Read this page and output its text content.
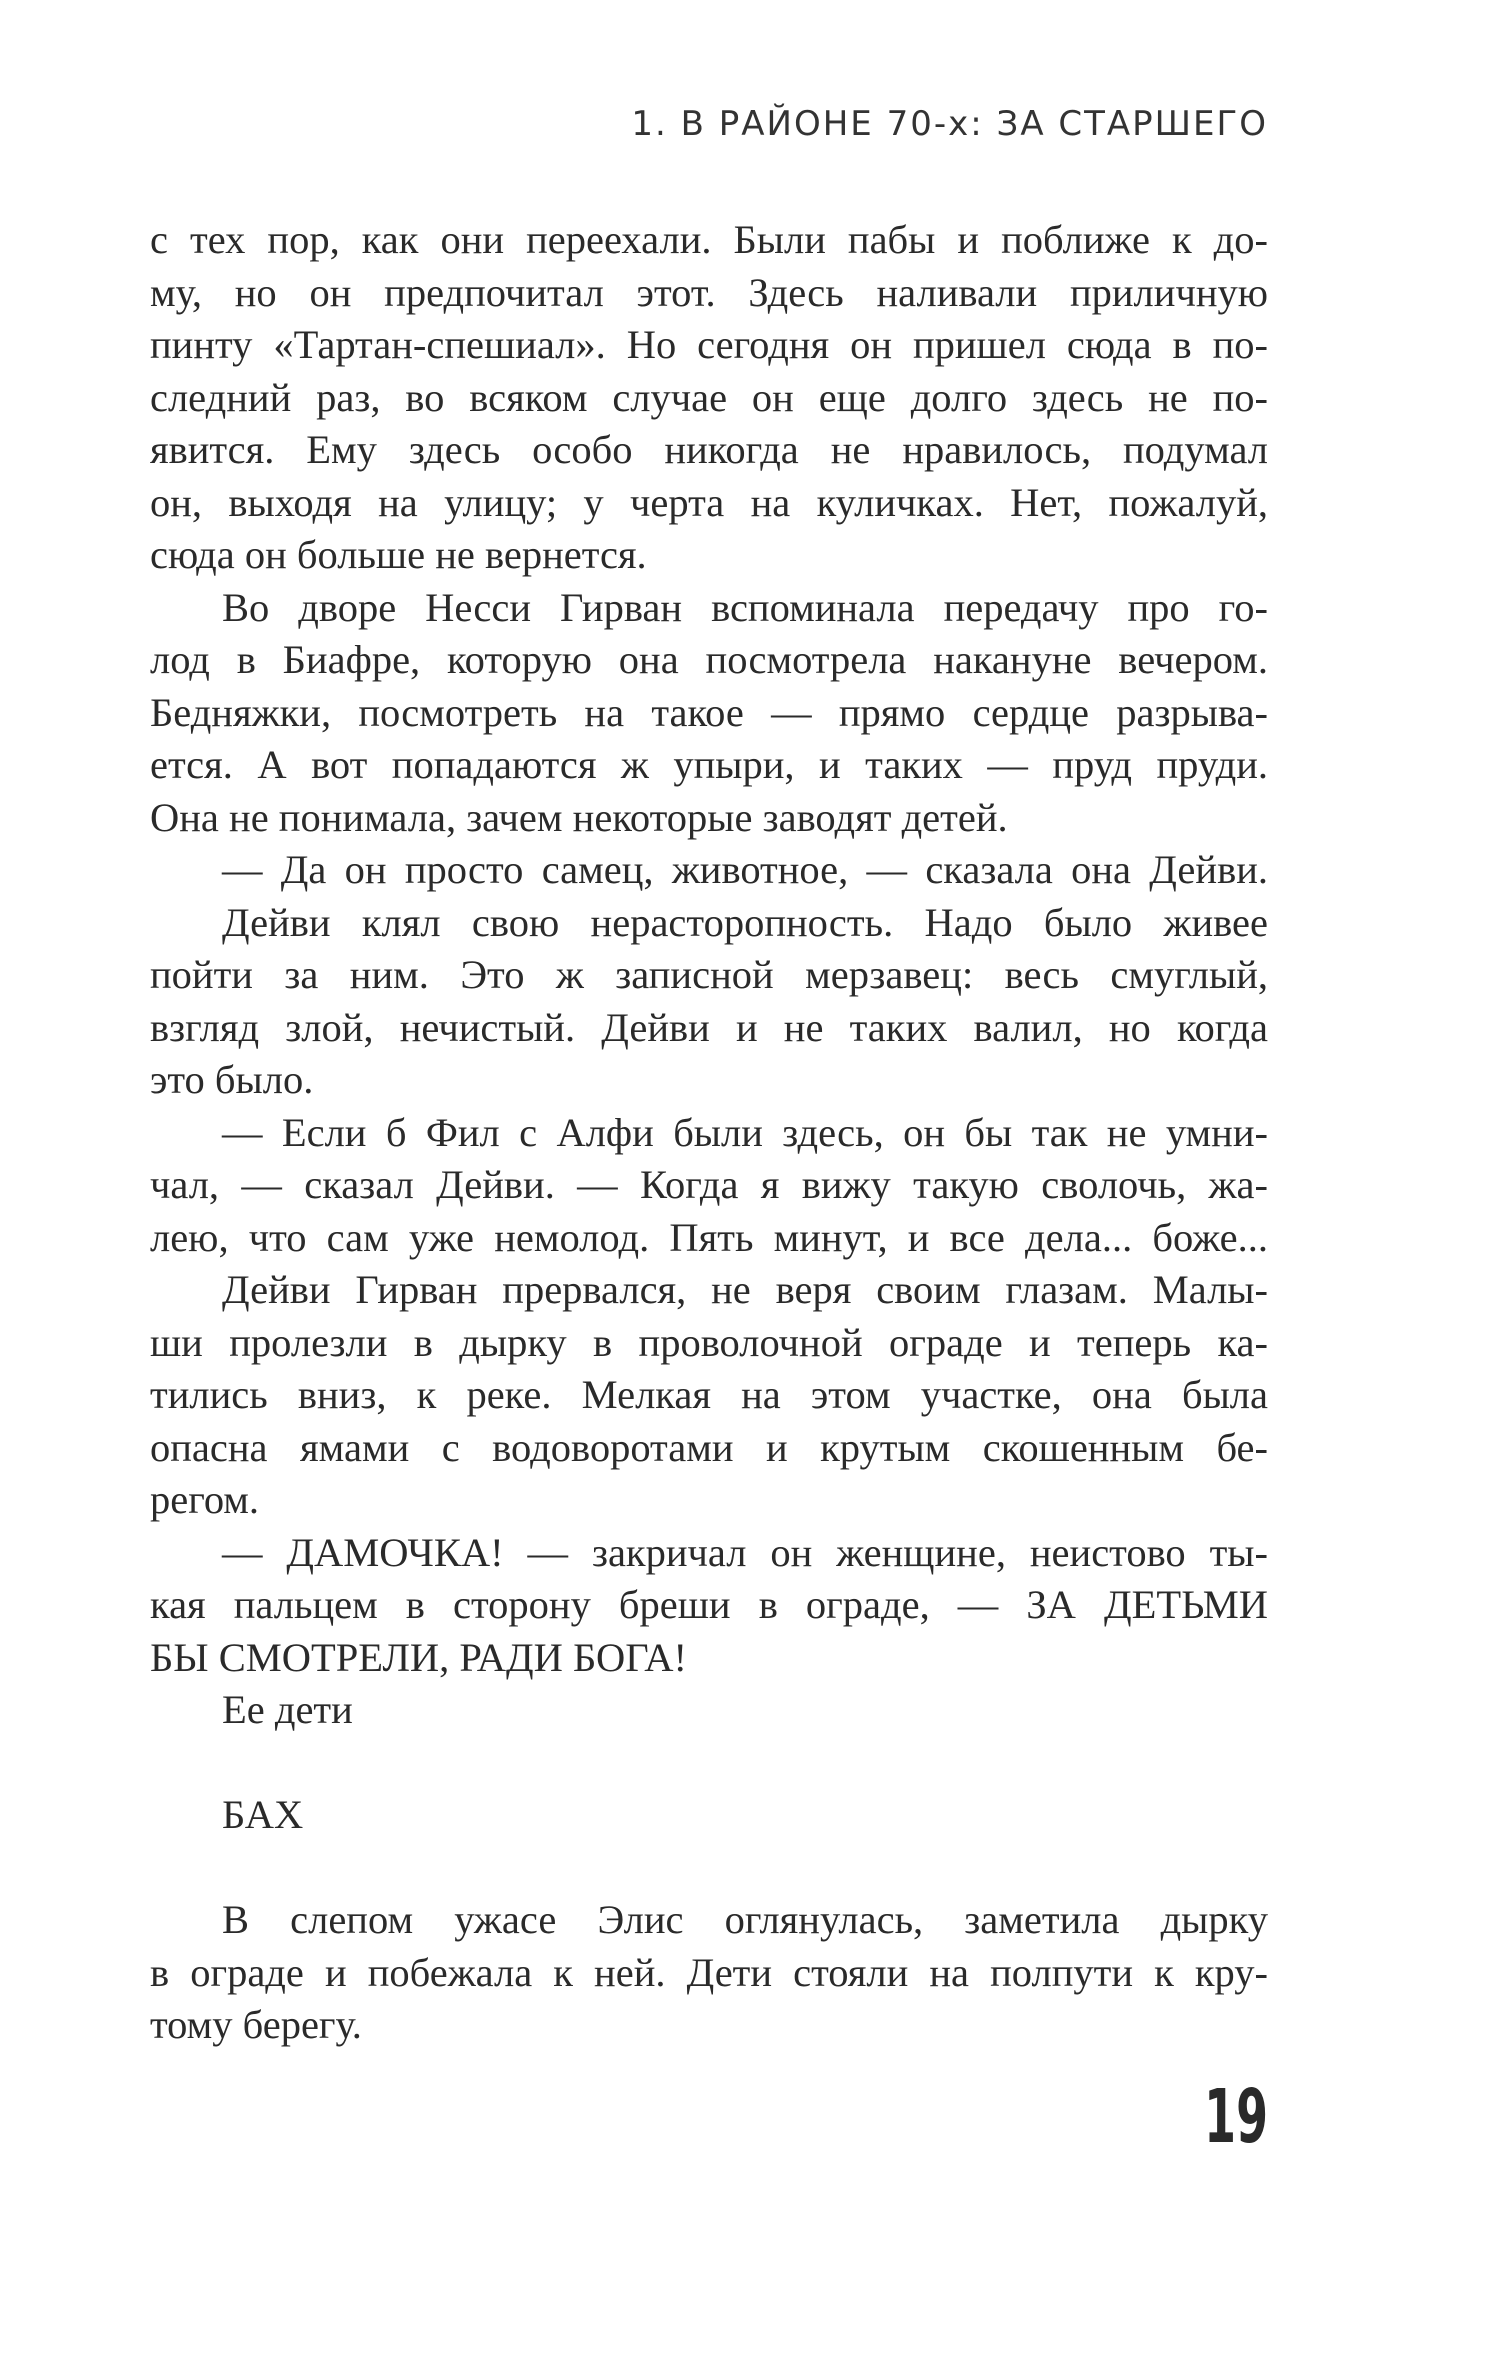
1. В РАЙОНЕ 70-х: ЗА СТАРШЕГО
с тех пор, как они переехали. Были пабы и поближе к до-
му, но он предпочитал этот. Здесь наливали приличную
пинту «Тартан-спешиал». Но сегодня он пришел сюда в по-
следний раз, во всяком случае он еще долго здесь не по-
явится. Ему здесь особо никогда не нравилось, подумал
он, выходя на улицу; у черта на куличках. Нет, пожалуй,
сюда он больше не вернется.
Во дворе Несси Гирван вспоминала передачу про го-
лод в Биафре, которую она посмотрела накануне вечером.
Бедняжки, посмотреть на такое — прямо сердце разрыва-
ется. А вот попадаются ж упыри, и таких — пруд пруди.
Она не понимала, зачем некоторые заводят детей.
— Да он просто самец, животное, — сказала она Дейви.
Дейви клял свою нерасторопность. Надо было живее
пойти за ним. Это ж записной мерзавец: весь смуглый,
взгляд злой, нечистый. Дейви и не таких валил, но когда
это было.
— Если б Фил с Алфи были здесь, он бы так не умни-
чал, — сказал Дейви. — Когда я вижу такую сволочь, жа-
лею, что сам уже немолод. Пять минут, и все дела... боже...
Дейви Гирван прервался, не веря своим глазам. Малы-
ши пролезли в дырку в проволочной ограде и теперь ка-
тились вниз, к реке. Мелкая на этом участке, она была
опасна ямами с водоворотами и крутым скошенным бе-
регом.
— ДАМОЧКА! — закричал он женщине, неистово ты-
кая пальцем в сторону бреши в ограде, — ЗА ДЕТЬМИ
БЫ СМОТРЕЛИ, РАДИ БОГА!
Ее дети
БАХ
В слепом ужасе Элис оглянулась, заметила дырку
в ограде и побежала к ней. Дети стояли на полпути к кру-
тому берегу.
19
